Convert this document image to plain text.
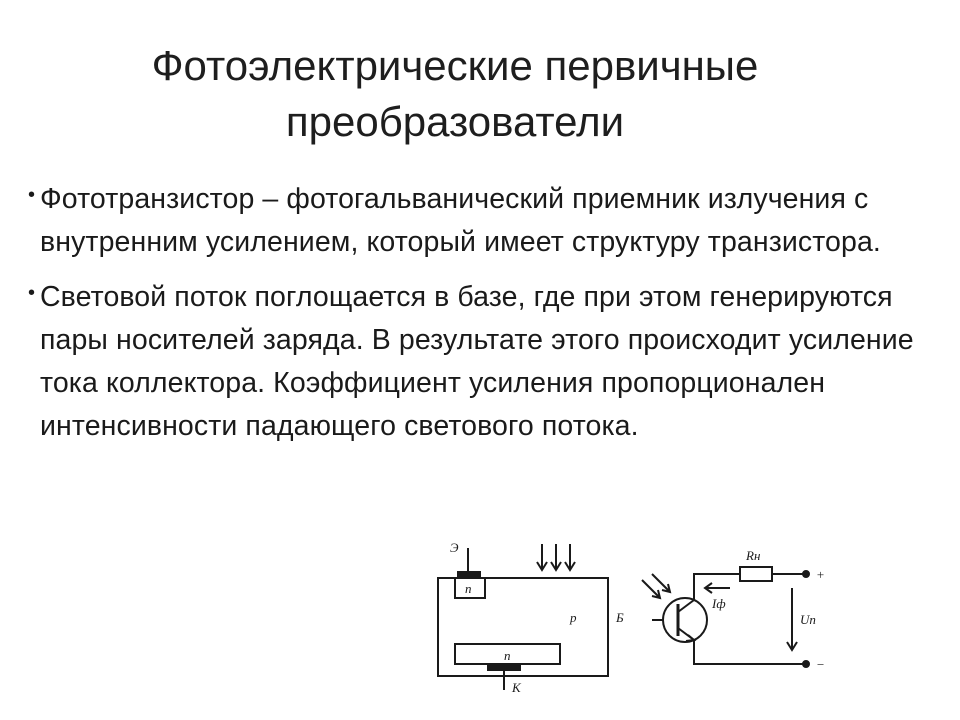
Фотоэлектрические первичные
преобразователи
• Фототранзистор – фотогальванический приемник излучения с внутренним усилением, который имеет структуру транзистора.
• Световой поток поглощается в базе, где при этом генерируются пары носителей заряда. В результате этого происходит усиление тока коллектора. Коэффициент усиления пропорционален интенсивности падающего светового потока.
Э
n
p	Б
n
К
Rн
Iф
Uп
+
−
